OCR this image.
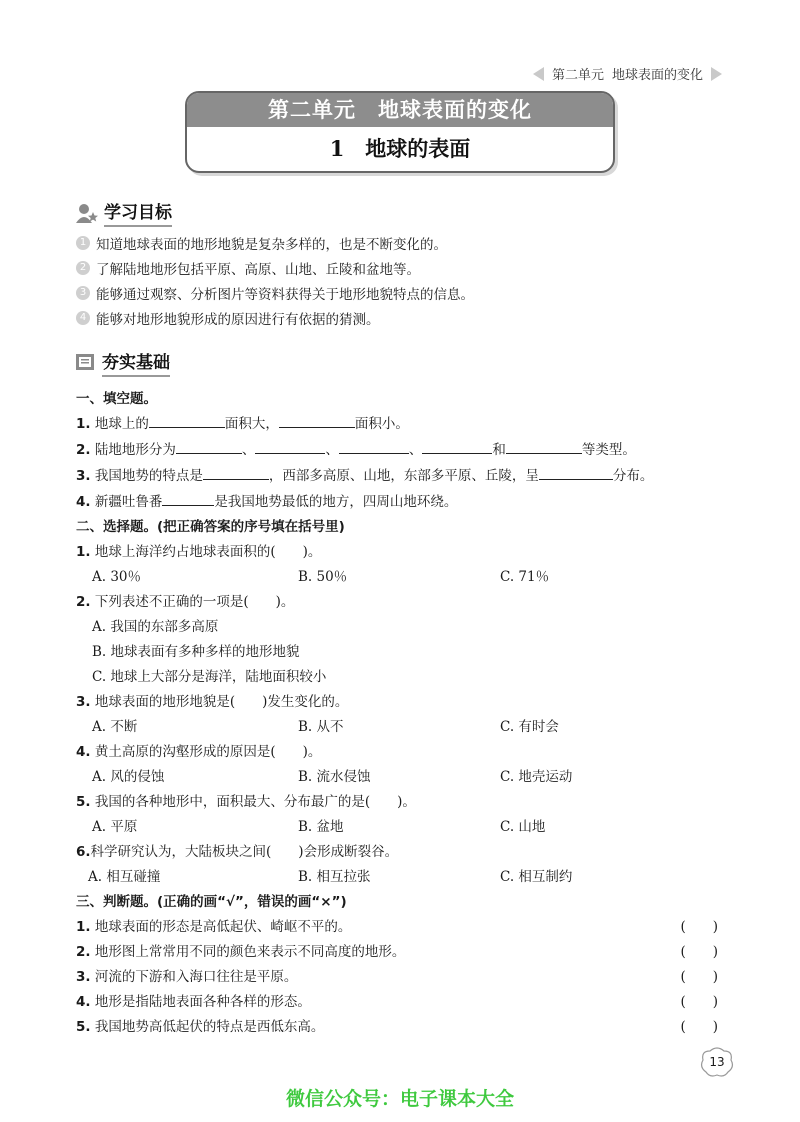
第二单元 地球表面的变化
第二单元　地球表面的变化
1　地球的表面
学习目标
1 知道地球表面的地形地貌是复杂多样的，也是不断变化的。
2 了解陆地地形包括平原、高原、山地、丘陵和盆地等。
3 能够通过观察、分析图片等资料获得关于地形地貌特点的信息。
4 能够对地形地貌形成的原因进行有依据的猜测。
夯实基础
一、填空题。
1. 地球上的	面积大，	面积小。
2. 陆地地形分为	、	、	、	和	等类型。
3. 我国地势的特点是	，西部多高原、山地，东部多平原、丘陵，呈	分布。
4. 新疆吐鲁番	是我国地势最低的地方，四周山地环绕。
二、选择题。(把正确答案的序号填在括号里)
1. 地球上海洋约占地球表面积的(　　)。
A. 30％	B. 50％	C. 71％
2. 下列表述不正确的一项是(　　)。
A. 我国的东部多高原
B. 地球表面有多种多样的地形地貌
C. 地球上大部分是海洋，陆地面积较小
3. 地球表面的地形地貌是(　　)发生变化的。
A. 不断	B. 从不	C. 有时会
4. 黄土高原的沟壑形成的原因是(　　)。
A. 风的侵蚀	B. 流水侵蚀	C. 地壳运动
5. 我国的各种地形中，面积最大、分布最广的是(　　)。
A. 平原	B. 盆地	C. 山地
6.科学研究认为，大陆板块之间(　　)会形成断裂谷。
A. 相互碰撞	B. 相互拉张	C. 相互制约
三、判断题。(正确的画“√”，错误的画“×”)
1. 地球表面的形态是高低起伏、崎岖不平的。	(　　)
2. 地形图上常常用不同的颜色来表示不同高度的地形。	(　　)
3. 河流的下游和入海口往往是平原。	(　　)
4. 地形是指陆地表面各种各样的形态。	(　　)
5. 我国地势高低起伏的特点是西低东高。	(　　)
13
微信公众号：电子课本大全
